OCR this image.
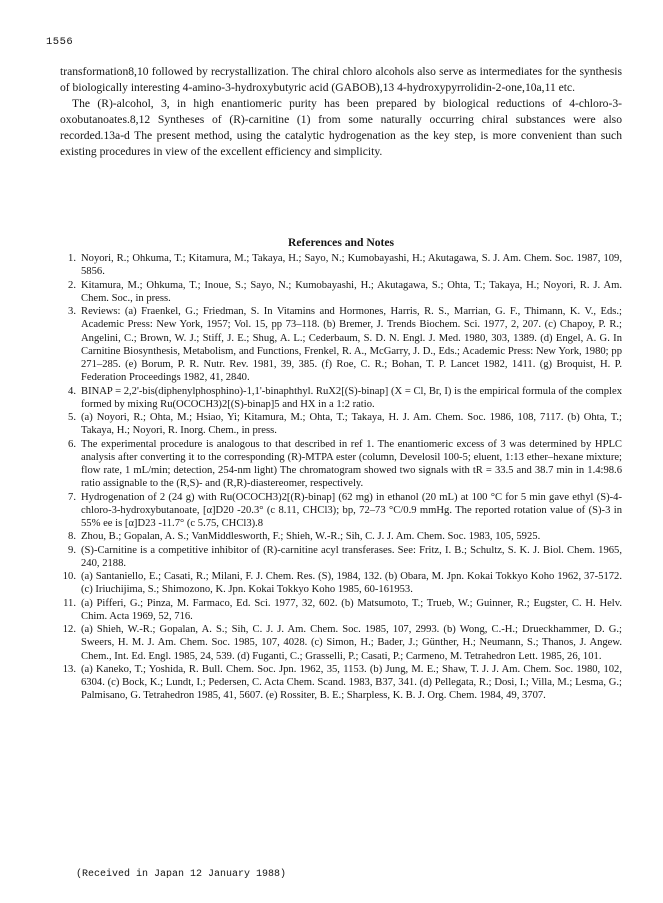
1556

transformation8,10 followed by recrystallization. The chiral chloro alcohols also serve as intermediates for the synthesis of biologically interesting 4-amino-3-hydroxybutyric acid (GABOB),13 4-hydroxypyrrolidin-2-one,10a,11 etc.

The (R)-alcohol, 3, in high enantiomeric purity has been prepared by biological reductions of 4-chloro-3-oxobutanoates.8,12 Syntheses of (R)-carnitine (1) from some naturally occurring chiral substances were also recorded.13a-d The present method, using the catalytic hydrogenation as the key step, is more convenient than such existing procedures in view of the excellent efficiency and simplicity.

References and Notes
1. Noyori, R.; Ohkuma, T.; Kitamura, M.; Takaya, H.; Sayo, N.; Kumobayashi, H.; Akutagawa, S. J. Am. Chem. Soc. 1987, 109, 5856.
2. Kitamura, M.; Ohkuma, T.; Inoue, S.; Sayo, N.; Kumobayashi, H.; Akutagawa, S.; Ohta, T.; Takaya, H.; Noyori, R. J. Am. Chem. Soc., in press.
3. Reviews: (a) Fraenkel, G.; Friedman, S. In Vitamins and Hormones, Harris, R. S., Marrian, G. F., Thimann, K. V., Eds.; Academic Press: New York, 1957; Vol. 15, pp 73–118. (b) Bremer, J. Trends Biochem. Sci. 1977, 2, 207. (c) Chapoy, P. R.; Angelini, C.; Brown, W. J.; Stiff, J. E.; Shug, A. L.; Cederbaum, S. D. N. Engl. J. Med. 1980, 303, 1389. (d) Engel, A. G. In Carnitine Biosynthesis, Metabolism, and Functions, Frenkel, R. A., McGarry, J. D., Eds.; Academic Press: New York, 1980; pp 271–285. (e) Borum, P. R. Nutr. Rev. 1981, 39, 385. (f) Roe, C. R.; Bohan, T. P. Lancet 1982, 1411. (g) Broquist, H. P. Federation Proceedings 1982, 41, 2840.
4. BINAP = 2,2'-bis(diphenylphosphino)-1,1'-binaphthyl. RuX2[(S)-binap] (X = Cl, Br, I) is the empirical formula of the complex formed by mixing Ru(OCOCH3)2[(S)-binap]5 and HX in a 1:2 ratio.
5. (a) Noyori, R.; Ohta, M.; Hsiao, Yi; Kitamura, M.; Ohta, T.; Takaya, H. J. Am. Chem. Soc. 1986, 108, 7117. (b) Ohta, T.; Takaya, H.; Noyori, R. Inorg. Chem., in press.
6. The experimental procedure is analogous to that described in ref 1. The enantiomeric excess of 3 was determined by HPLC analysis after converting it to the corresponding (R)-MTPA ester (column, Develosil 100-5; eluent, 1:13 ether–hexane mixture; flow rate, 1 mL/min; detection, 254-nm light) The chromatogram showed two signals with tR = 33.5 and 38.7 min in 1.4:98.6 ratio assignable to the (R,S)- and (R,R)-diastereomer, respectively.
7. Hydrogenation of 2 (24 g) with Ru(OCOCH3)2[(R)-binap] (62 mg) in ethanol (20 mL) at 100 °C for 5 min gave ethyl (S)-4-chloro-3-hydroxybutanoate, [α]D20 -20.3° (c 8.11, CHCl3); bp, 72–73 °C/0.9 mmHg. The reported rotation value of (S)-3 in 55% ee is [α]D23 -11.7° (c 5.75, CHCl3).8
8. Zhou, B.; Gopalan, A. S.; VanMiddlesworth, F.; Shieh, W.-R.; Sih, C. J. J. Am. Chem. Soc. 1983, 105, 5925.
9. (S)-Carnitine is a competitive inhibitor of (R)-carnitine acyl transferases. See: Fritz, I. B.; Schultz, S. K. J. Biol. Chem. 1965, 240, 2188.
10. (a) Santaniello, E.; Casati, R.; Milani, F. J. Chem. Res. (S), 1984, 132. (b) Obara, M. Jpn. Kokai Tokkyo Koho 1962, 37-5172. (c) Iriuchijima, S.; Shimozono, K. Jpn. Kokai Tokkyo Koho 1985, 60-161953.
11. (a) Pifferi, G.; Pinza, M. Farmaco, Ed. Sci. 1977, 32, 602. (b) Matsumoto, T.; Trueb, W.; Guinner, R.; Eugster, C. H. Helv. Chim. Acta 1969, 52, 716.
12. (a) Shieh, W.-R.; Gopalan, A. S.; Sih, C. J. J. Am. Chem. Soc. 1985, 107, 2993. (b) Wong, C.-H.; Drueckhammer, D. G.; Sweers, H. M. J. Am. Chem. Soc. 1985, 107, 4028. (c) Simon, H.; Bader, J.; Günther, H.; Neumann, S.; Thanos, J. Angew. Chem., Int. Ed. Engl. 1985, 24, 539. (d) Fuganti, C.; Grasselli, P.; Casati, P.; Carmeno, M. Tetrahedron Lett. 1985, 26, 101.
13. (a) Kaneko, T.; Yoshida, R. Bull. Chem. Soc. Jpn. 1962, 35, 1153. (b) Jung, M. E.; Shaw, T. J. J. Am. Chem. Soc. 1980, 102, 6304. (c) Bock, K.; Lundt, I.; Pedersen, C. Acta Chem. Scand. 1983, B37, 341. (d) Pellegata, R.; Dosi, I.; Villa, M.; Lesma, G.; Palmisano, G. Tetrahedron 1985, 41, 5607. (e) Rossiter, B. E.; Sharpless, K. B. J. Org. Chem. 1984, 49, 3707.
(Received in Japan 12 January 1988)
